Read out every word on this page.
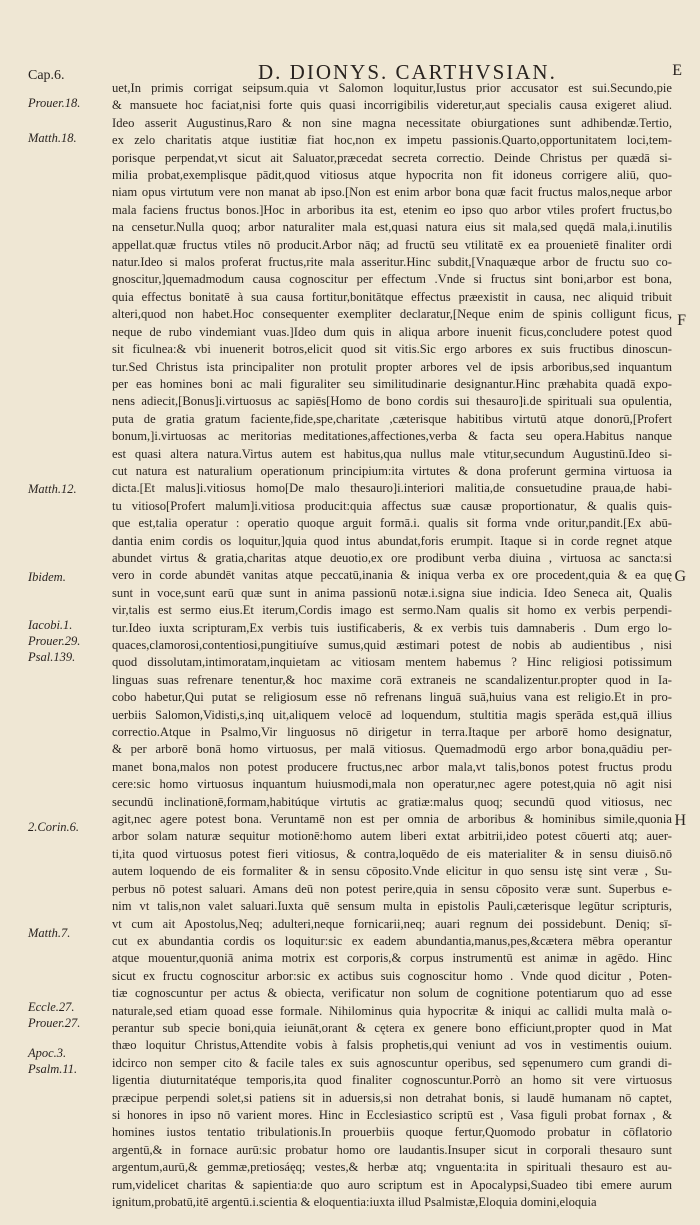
Cap.6.	D. DIONYS. CARTHVSIAN.	E
Prouer.18.
Matth.18.
Matth.12.
Ibidem.
Iacobi.1.
Prouer.29.
Psal.139.
2.Corin.6.
Matth.7.
Eccle.27.
Prouer.27.
Apoc.3.
Psalm.11.
F
G
H

uet,In primis corrigat seipsum.quia vt Salomon loquitur,Iustus prior accusator est sui.Secundo,pie

& mansuete hoc faciat,nisi forte quis quasi incorrigibilis videretur,aut specialis causa exigeret aliud.

Ideo asserit Augustinus,Raro & non sine magna necessitate obiurgationes sunt adhibendæ.Tertio,

ex zelo charitatis atque iustitiæ fiat hoc,non ex impetu passionis.Quarto,opportunitatem loci,tem-

porisque perpendat,vt sicut ait Saluator,præcedat secreta correctio. Deinde Christus per quædā si-

milia probat,exemplisque pādit,quod vitiosus atque hypocrita non fit idoneus corrigere aliū, quo-

niam opus virtutum vere non manat ab ipso.[Non est enim arbor bona quæ facit fructus malos,neque arbor

mala faciens fructus bonos.]Hoc in arboribus ita est, etenim eo ipso quo arbor vtiles profert fructus,bo

na censetur.Nulla quoq; arbor naturaliter mala est,quasi natura eius sit mala,sed quędā mala,i.inutilis

appellat.quæ fructus vtiles nō producit.Arbor nāq; ad fructū seu vtilitatē ex ea prouenietē finaliter ordi

natur.Ideo si malos proferat fructus,rite mala asseritur.Hinc subdit,[Vnaquæque arbor de fructu suo co-

gnoscitur,]quemadmodum causa cognoscitur per effectum .Vnde si fructus sint boni,arbor est bona,

quia effectus bonitatē à sua causa fortitur,bonitātque effectus præexistit in causa, nec aliquid tribuit

alteri,quod non habet.Hoc consequenter exempliter declaratur,[Neque enim de spinis colligunt ficus,

neque de rubo vindemiant vuas.]Ideo dum quis in aliqua arbore inuenit ficus,concludere potest quod

sit ficulnea:& vbi inuenerit botros,elicit quod sit vitis.Sic ergo arbores ex suis fructibus dinoscun-

tur.Sed Christus ista principaliter non protulit propter arbores vel de ipsis arboribus,sed inquantum

per eas homines boni ac mali figuraliter seu similitudinarie designantur.Hinc præhabita quadā expo-

nens adiecit,[Bonus]i.virtuosus ac sapiēs[Homo de bono cordis sui thesauro]i.de spirituali sua opulentia,

puta de gratia gratum faciente,fide,spe,charitate ,cæterisque habitibus virtutū atque donorū,[Profert

bonum,]i.virtuosas ac meritorias meditationes,affectiones,verba & facta seu opera.Habitus nanque

est quasi altera natura.Virtus autem est habitus,qua nullus male vtitur,secundum Augustinū.Ideo si-

cut natura est naturalium operationum principium:ita virtutes & dona proferunt germina virtuosa ia

dicta.[Et malus]i.vitiosus homo[De malo thesauro]i.interiori malitia,de consuetudine praua,de habi-

tu vitioso[Profert malum]i.vitiosa producit:quia affectus suæ causæ proportionatur, & qualis quis-

que est,talia operatur : operatio quoque arguit formā.i. qualis sit forma vnde oritur,pandit.[Ex abū-

dantia enim cordis os loquitur,]quia quod intus abundat,foris erumpit. Itaque si in corde regnet atque

abundet virtus & gratia,charitas atque deuotio,ex ore prodibunt verba diuina , virtuosa ac sancta:si

vero in corde abundēt vanitas atque peccatū,inania & iniqua verba ex ore procedent,quia & ea quę

sunt in voce,sunt earū quæ sunt in anima passionū notæ.i.signa siue indicia. Ideo Seneca ait, Qualis

vir,talis est sermo eius.Et iterum,Cordis imago est sermo.Nam qualis sit homo ex verbis perpendi-

tur.Ideo iuxta scripturam,Ex verbis tuis iustificaberis, & ex verbis tuis damnaberis . Dum ergo lo-

quaces,clamorosi,contentiosi,pungitiuíve sumus,quid æstimari potest de nobis ab audientibus , nisi

quod dissolutam,intimoratam,inquietam ac vitiosam mentem habemus ? Hinc religiosi potissimum

linguas suas refrenare tenentur,& hoc maxime corā extraneis ne scandalizentur.propter quod in Ia-

cobo habetur,Qui putat se religiosum esse nō refrenans linguā suā,huius vana est religio.Et in pro-

uerbiis Salomon,Vidisti,s,inq uit,aliquem velocē ad loquendum, stultitia magis sperāda est,quā illius

correctio.Atque in Psalmo,Vir linguosus nō dirigetur in terra.Itaque per arborē homo designatur,

& per arborē bonā homo virtuosus, per malā vitiosus. Quemadmodū ergo arbor bona,quādiu per-

manet bona,malos non potest producere fructus,nec arbor mala,vt talis,bonos potest fructus produ

cere:sic homo virtuosus inquantum huiusmodi,mala non operatur,nec agere potest,quia nō agit nisi

secundū inclinationē,formam,habitúque virtutis ac gratiæ:malus quoq; secundū quod vitiosus, nec

agit,nec agere potest bona. Veruntamē non est per omnia de arboribus & hominibus simile,quonia

arbor solam naturæ sequitur motionē:homo autem liberi extat arbitrii,ideo potest cōuerti atq; auer-

ti,ita quod virtuosus potest fieri vitiosus, & contra,loquēdo de eis materialiter & in sensu diuisō.nō

autem loquendo de eis formaliter & in sensu cōposito.Vnde elicitur in quo sensu istę sint veræ , Su-

perbus nō potest saluari. Amans deū non potest perire,quia in sensu cōposito veræ sunt. Superbus e-

nim vt talis,non valet saluari.Iuxta quē sensum multa in epistolis Pauli,cæterisque legūtur scripturis,

vt cum ait Apostolus,Neq; adulteri,neque fornicarii,neq; auari regnum dei possidebunt. Deniq; sī-

cut ex abundantia cordis os loquitur:sic ex eadem abundantia,manus,pes,&cætera mēbra operantur

atque mouentur,quoniā anima motrix est corporis,& corpus instrumentū est animæ in agēdo. Hinc

sicut ex fructu cognoscitur arbor:sic ex actibus suis cognoscitur homo . Vnde quod dicitur , Poten-

tiæ cognoscuntur per actus & obiecta, verificatur non solum de cognitione potentiarum quo ad esse

naturale,sed etiam quoad esse formale. Nihilominus quia hypocritæ & iniqui ac callidi multa malà o-

perantur sub specie boni,quia ieiunāt,orant & cętera ex genere bono efficiunt,propter quod in Mat

thæo loquitur Christus,Attendite vobis à falsis prophetis,qui veniunt ad vos in vestimentis ouium.

idcirco non semper cito & facile tales ex suis agnoscuntur operibus, sed sępenumero cum grandi di-

ligentia diuturnitatéque temporis,ita quod finaliter cognoscuntur.Porrò an homo sit vere virtuosus

præcipue perpendi solet,si patiens sit in aduersis,si non detrahat bonis, si laudē humanam nō captet,

si honores in ipso nō varient mores. Hinc in Ecclesiastico scriptū est , Vasa figuli probat fornax , &

homines iustos tentatio tribulationis.In prouerbiis quoque fertur,Quomodo probatur in cōflatorio

argentū,& in fornace aurū:sic probatur homo ore laudantis.Insuper sicut in corporali thesauro sunt

argentum,aurū,& gemmæ,pretiosáęq; vestes,& herbæ atq; vnguenta:ita in spirituali thesauro est au-

rum,videlicet charitas & sapientia:de quo auro scriptum est in Apocalypsi,Suadeo tibi emere aurum

ignitum,probatū,itē argentū.i.scientia & eloquentia:iuxta illud Psalmistæ,Eloquia domini,eloquia
